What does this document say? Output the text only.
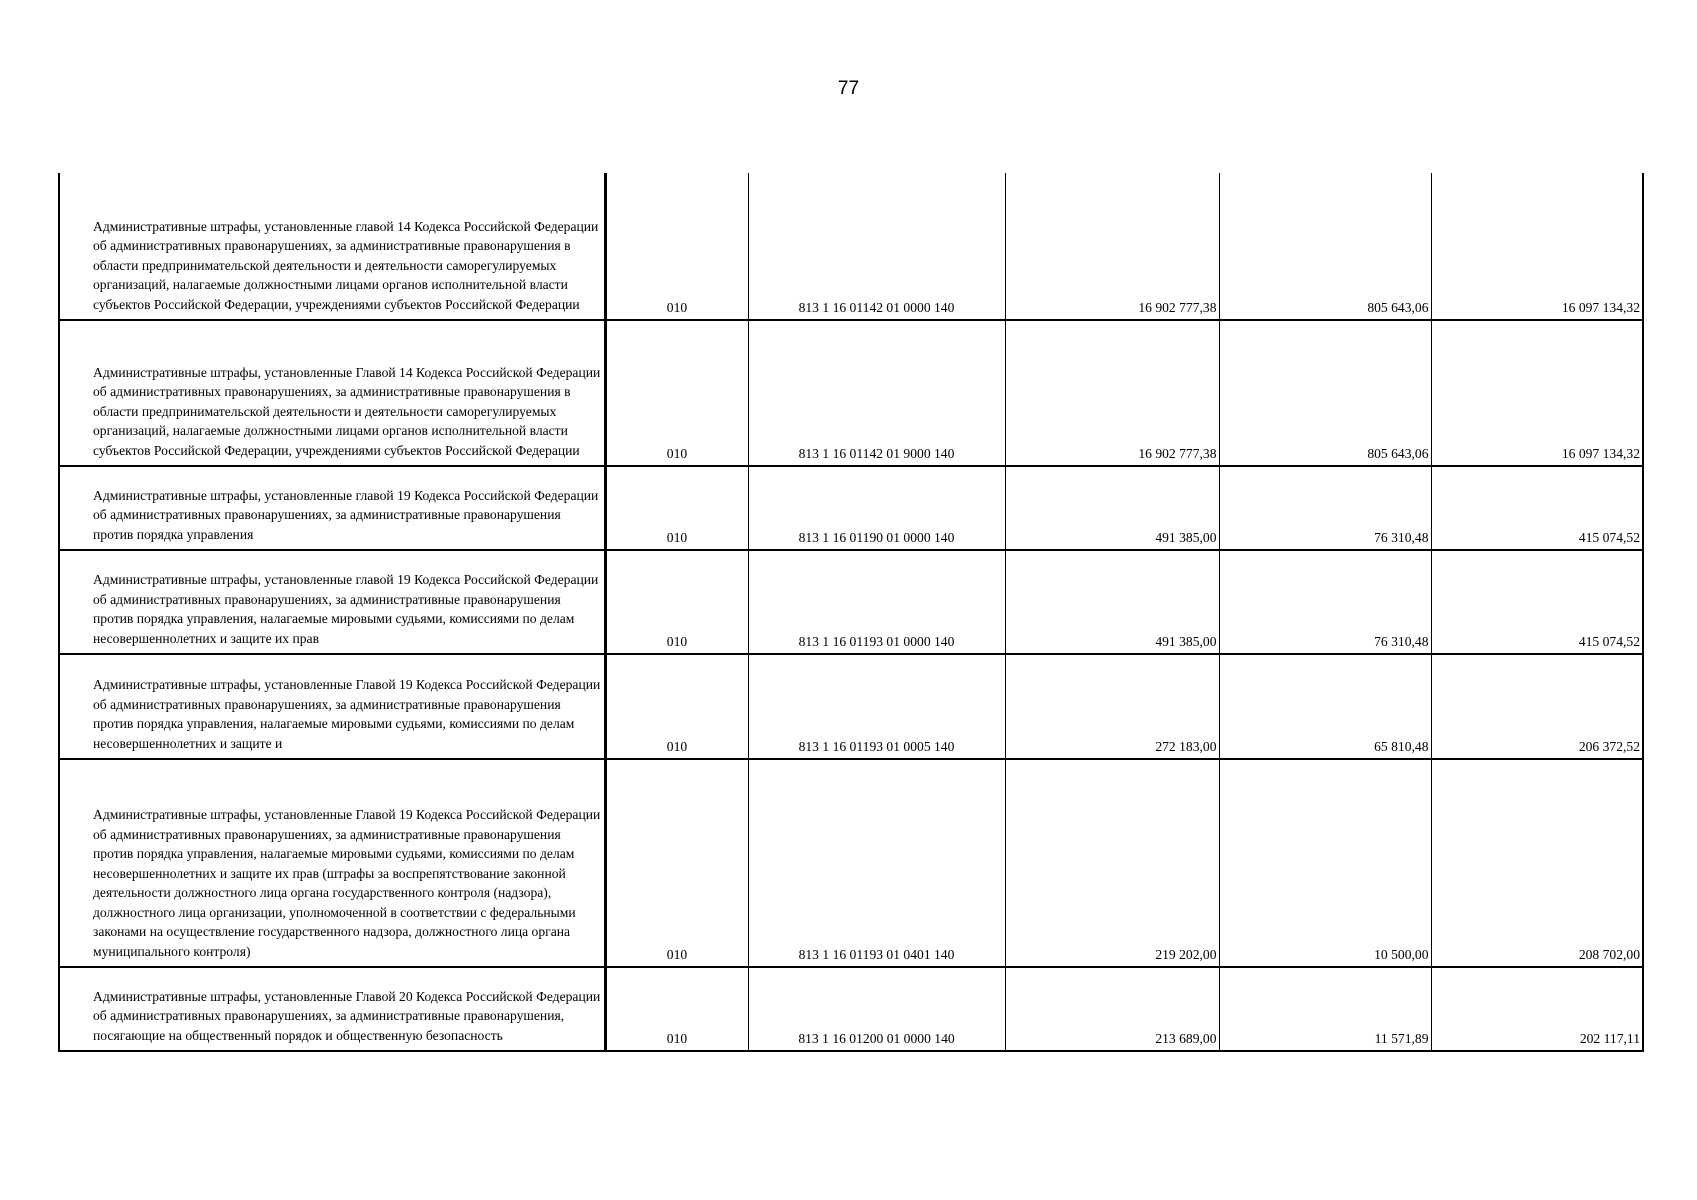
77
Административные штрафы, установленные главой 14 Кодекса Российской Федерации об административных правонарушениях, за административные правонарушения в области предпринимательской деятельности и деятельности саморегулируемых организаций, налагаемые должностными лицами органов исполнительной власти субъектов Российской Федерации, учреждениями субъектов Российской Федерации	010	813 1 16 01142 01 0000 140	16 902 777,38	805 643,06	16 097 134,32
Административные штрафы, установленные Главой 14 Кодекса Российской Федерации об административных правонарушениях, за административные правонарушения в области предпринимательской деятельности и деятельности саморегулируемых организаций, налагаемые должностными лицами органов исполнительной власти субъектов Российской Федерации, учреждениями субъектов Российской Федерации	010	813 1 16 01142 01 9000 140	16 902 777,38	805 643,06	16 097 134,32
Административные штрафы, установленные главой 19 Кодекса Российской Федерации об административных правонарушениях, за административные правонарушения против порядка управления	010	813 1 16 01190 01 0000 140	491 385,00	76 310,48	415 074,52
Административные штрафы, установленные главой 19 Кодекса Российской Федерации об административных правонарушениях, за административные правонарушения против порядка управления, налагаемые мировыми судьями, комиссиями по делам несовершеннолетних и защите их прав	010	813 1 16 01193 01 0000 140	491 385,00	76 310,48	415 074,52
Административные штрафы, установленные Главой 19 Кодекса Российской Федерации об административных правонарушениях, за административные правонарушения против порядка управления, налагаемые мировыми судьями, комиссиями по делам несовершеннолетних и защите и	010	813 1 16 01193 01 0005 140	272 183,00	65 810,48	206 372,52
Административные штрафы, установленные Главой 19 Кодекса Российской Федерации об административных правонарушениях, за административные правонарушения против порядка управления, налагаемые мировыми судьями, комиссиями по делам несовершеннолетних и защите их прав (штрафы за воспрепятствование законной деятельности должностного лица органа государственного контроля (надзора), должностного лица организации, уполномоченной в соответствии с федеральными законами на осуществление государственного надзора, должностного лица органа муниципального контроля)	010	813 1 16 01193 01 0401 140	219 202,00	10 500,00	208 702,00
Административные штрафы, установленные Главой 20 Кодекса Российской Федерации об административных правонарушениях, за административные правонарушения, посягающие на общественный порядок и общественную безопасность	010	813 1 16 01200 01 0000 140	213 689,00	11 571,89	202 117,11
